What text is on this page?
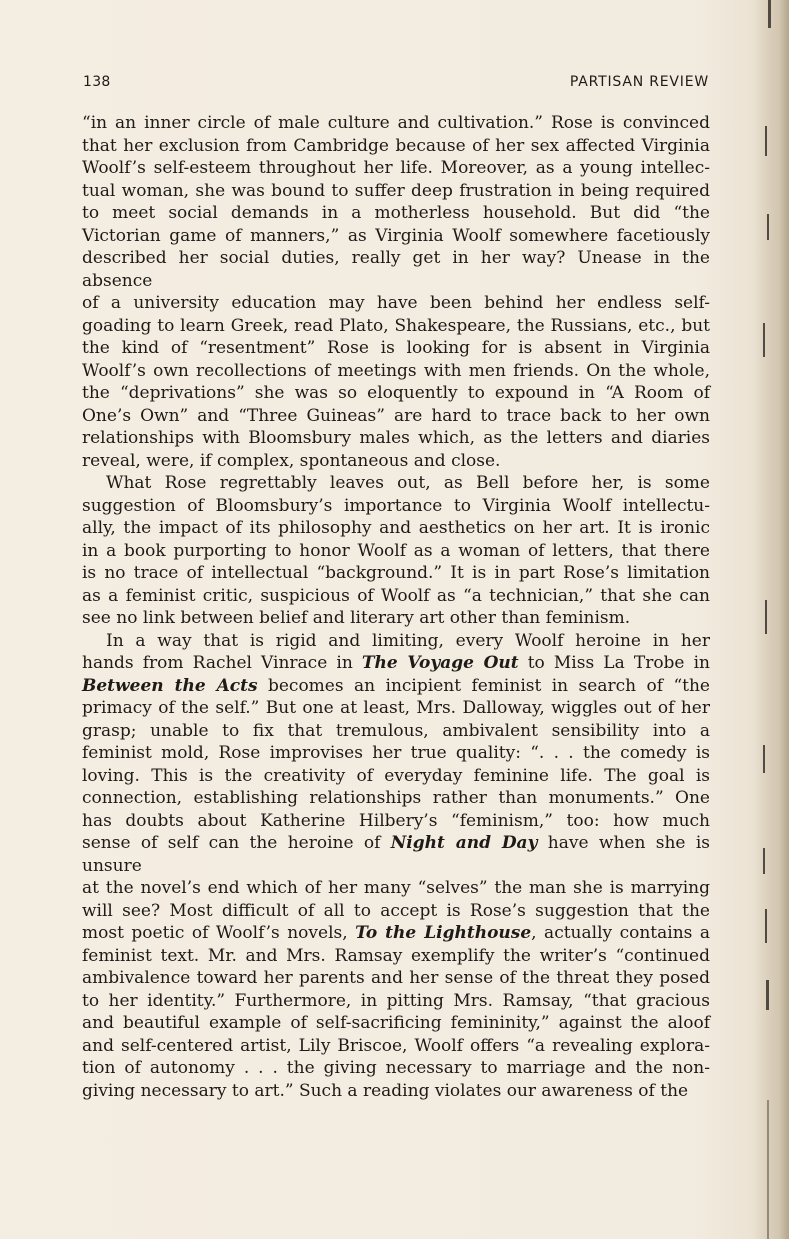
138	PARTISAN REVIEW
“in an inner circle of male culture and cultivation.” Rose is convinced
that her exclusion from Cambridge because of her sex affected Virginia
Woolf’s self-esteem throughout her life. Moreover, as a young intellec-
tual woman, she was bound to suffer deep frustration in being required
to meet social demands in a motherless household. But did “the
Victorian game of manners,” as Virginia Woolf somewhere facetiously
described her social duties, really get in her way? Unease in the absence
of a university education may have been behind her endless self-
goading to learn Greek, read Plato, Shakespeare, the Russians, etc., but
the kind of “resentment” Rose is looking for is absent in Virginia
Woolf’s own recollections of meetings with men friends. On the whole,
the “deprivations” she was so eloquently to expound in “A Room of
One’s Own” and “Three Guineas” are hard to trace back to her own
relationships with Bloomsbury males which, as the letters and diaries
reveal, were, if complex, spontaneous and close.
What Rose regrettably leaves out, as Bell before her, is some
suggestion of Bloomsbury’s importance to Virginia Woolf intellectu-
ally, the impact of its philosophy and aesthetics on her art. It is ironic
in a book purporting to honor Woolf as a woman of letters, that there
is no trace of intellectual “background.” It is in part Rose’s limitation
as a feminist critic, suspicious of Woolf as “a technician,” that she can
see no link between belief and literary art other than feminism.
In a way that is rigid and limiting, every Woolf heroine in her
hands from Rachel Vinrace in The Voyage Out to Miss La Trobe in
Between the Acts becomes an incipient feminist in search of “the
primacy of the self.” But one at least, Mrs. Dalloway, wiggles out of her
grasp; unable to fix that tremulous, ambivalent sensibility into a
feminist mold, Rose improvises her true quality: “. . . the comedy is
loving. This is the creativity of everyday feminine life. The goal is
connection, establishing relationships rather than monuments.” One
has doubts about Katherine Hilbery’s “feminism,” too: how much
sense of self can the heroine of Night and Day have when she is unsure
at the novel’s end which of her many “selves” the man she is marrying
will see? Most difficult of all to accept is Rose’s suggestion that the
most poetic of Woolf’s novels, To the Lighthouse, actually contains a
feminist text. Mr. and Mrs. Ramsay exemplify the writer’s “continued
ambivalence toward her parents and her sense of the threat they posed
to her identity.” Furthermore, in pitting Mrs. Ramsay, “that gracious
and beautiful example of self-sacrificing femininity,” against the aloof
and self-centered artist, Lily Briscoe, Woolf offers “a revealing explora-
tion of autonomy . . . the giving necessary to marriage and the non-
giving necessary to art.” Such a reading violates our awareness of the
